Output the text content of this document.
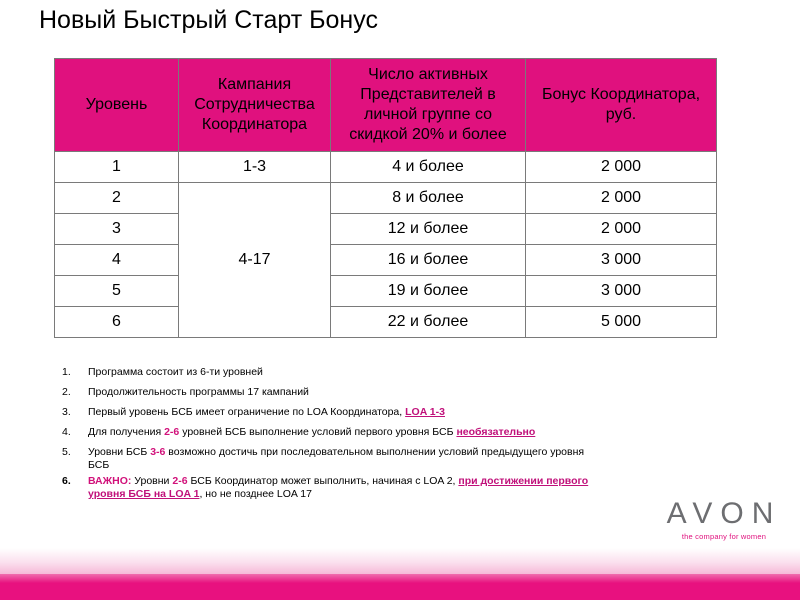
Новый Быстрый Старт Бонус
Уровень	Кампания Сотрудничества Координатора	Число активных Представителей в личной группе со скидкой 20% и более	Бонус Координатора, руб.
1	1-3	4 и более	2 000
2	4-17	8 и более	2 000
3		12 и более	2 000
4		16 и более	3 000
5		19 и более	3 000
6		22 и более	5 000
1. Программа состоит из 6-ти уровней
2. Продолжительность программы 17 кампаний
3. Первый уровень БСБ имеет ограничение по LOA Координатора, LOA 1-3
4. Для получения 2-6 уровней БСБ выполнение условий первого уровня БСБ необязательно
5. Уровни БСБ 3-6 возможно достичь при последовательном выполнении условий предыдущего уровня БСБ
6. ВАЖНО: Уровни 2-6 БСБ Координатор может выполнить, начиная с LOA 2, при достижении первого уровня БСБ на LOA 1, но не позднее LOA 17
AVON
the company for women
